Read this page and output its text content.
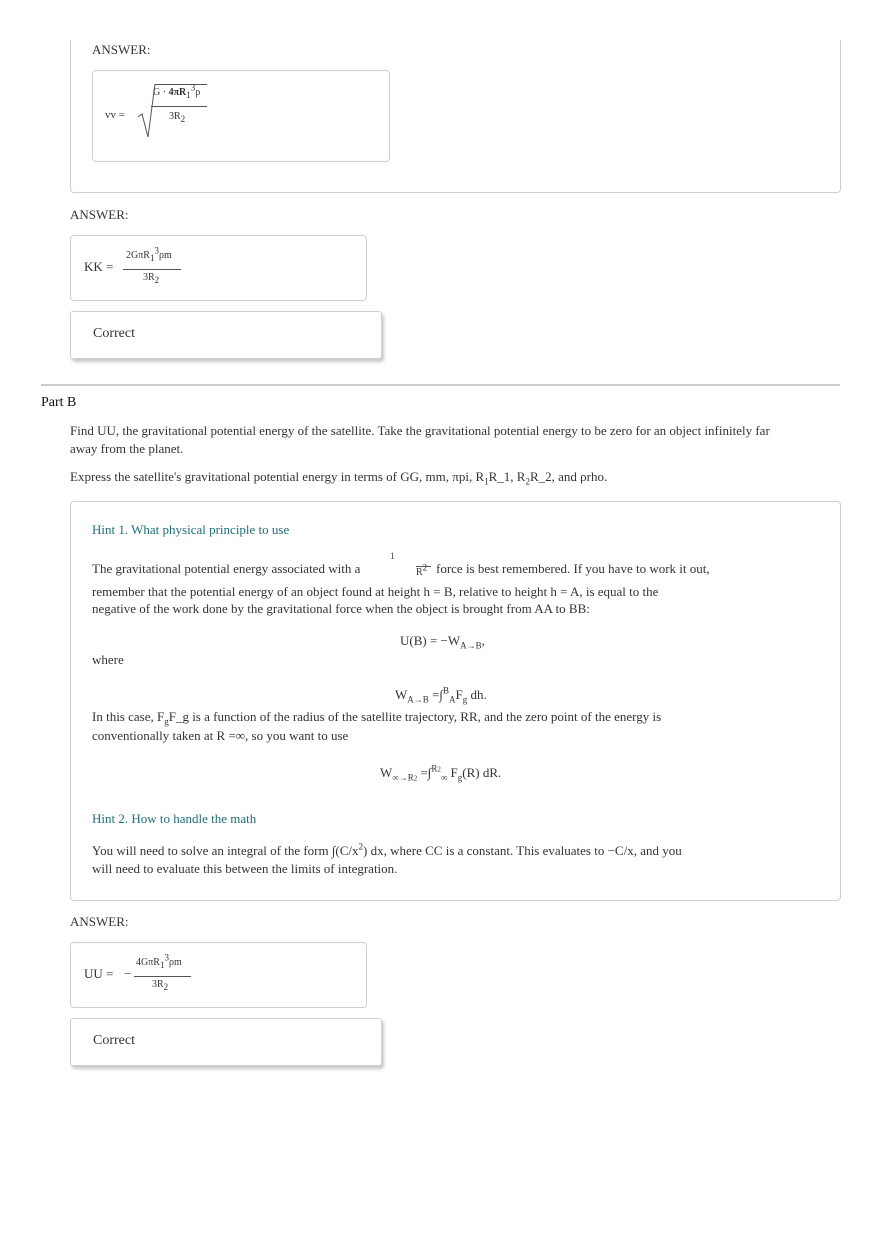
ANSWER:
vv =
$G \cdot 4\pi R_1^3\rho$
$3R_2$
ANSWER:
KK =
2GπR$_1^3$ρm
$3R_2$
Correct
Part B
Find UU, the gravitational potential energy of the satellite. Take the gravitational potential energy to be zero for an object infinitely far away from the planet.
Express the satellite's gravitational potential energy in terms of GG, mm, πpi, $R_1R\_1$, $R_2R\_2$, and ρrho.
Hint 1. What physical principle to use
1
$R^2$
The gravitational potential energy associated with a	force is best remembered. If you have to work it out,
remember that the potential energy of an object found at height h = B, relative to height h = A, is equal to the
negative of the work done by the gravitational force when the object is brought from AA to BB:
$U(B) = -W_{A\to B}$,
where
$W_{A\to B} =\int^B_AF_g$ dh.
In this case, $F_gF\_g$ is a function of the radius of the satellite trajectory, RR, and the zero point of the energy is
conventionally taken at R =∞, so you want to use
$W_{\infty\to R2} =\int^{R2}_\infty$ $F_g(R)$ dR.
Hint 2. How to handle the math
You will need to solve an integral of the form $\int(C/x^2)$ dx, where CC is a constant. This evaluates to −C/x, and you
will need to evaluate this between the limits of integration.
ANSWER:
UU = −
4GπR$_1^3$ρm
$3R_2$
Correct
